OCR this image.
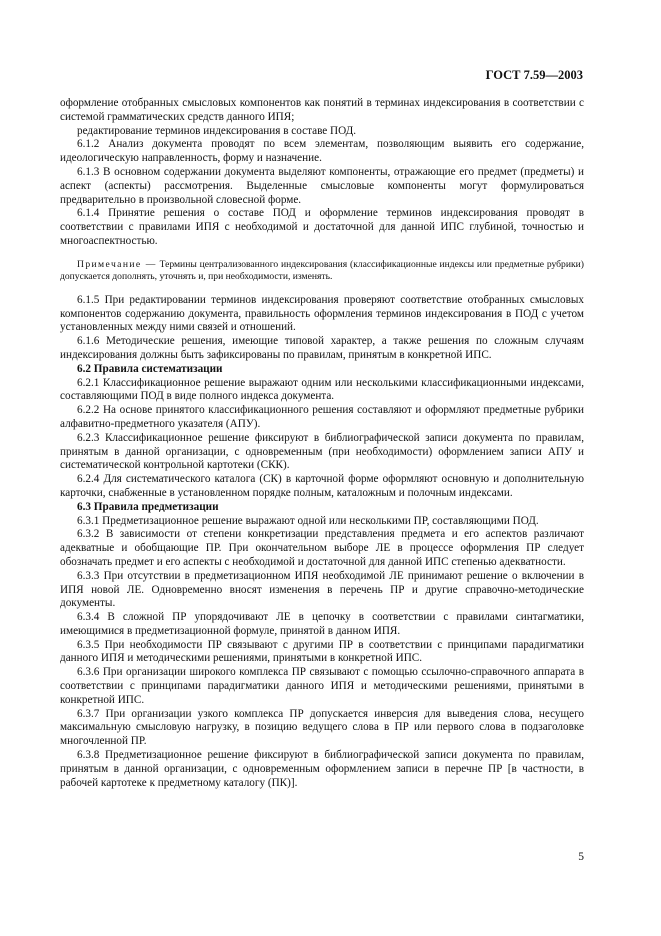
ГОСТ 7.59—2003

оформление отобранных смысловых компонентов как понятий в терминах индексирования в соответствии с системой грамматических средств данного ИПЯ;

редактирование терминов индексирования в составе ПОД.

6.1.2 Анализ документа проводят по всем элементам, позволяющим выявить его содержание, идеологическую направленность, форму и назначение.

6.1.3 В основном содержании документа выделяют компоненты, отражающие его предмет (предметы) и аспект (аспекты) рассмотрения. Выделенные смысловые компоненты могут формулироваться предварительно в произвольной словесной форме.

6.1.4 Принятие решения о составе ПОД и оформление терминов индексирования проводят в соответствии с правилами ИПЯ с необходимой и достаточной для данной ИПС глубиной, точностью и многоаспектностью.

Примечание — Термины централизованного индексирования (классификационные индексы или предметные рубрики) допускается дополнять, уточнять и, при необходимости, изменять.

6.1.5 При редактировании терминов индексирования проверяют соответствие отобранных смысловых компонентов содержанию документа, правильность оформления терминов индексирования в ПОД с учетом установленных между ними связей и отношений.

6.1.6 Методические решения, имеющие типовой характер, а также решения по сложным случаям индексирования должны быть зафиксированы по правилам, принятым в конкретной ИПС.

6.2 Правила систематизации

6.2.1 Классификационное решение выражают одним или несколькими классификационными индексами, составляющими ПОД в виде полного индекса документа.

6.2.2 На основе принятого классификационного решения составляют и оформляют предметные рубрики алфавитно-предметного указателя (АПУ).

6.2.3 Классификационное решение фиксируют в библиографической записи документа по правилам, принятым в данной организации, с одновременным (при необходимости) оформлением записи АПУ и систематической контрольной картотеки (СКК).

6.2.4 Для систематического каталога (СК) в карточной форме оформляют основную и дополнительную карточки, снабженные в установленном порядке полным, каталожным и полочным индексами.

6.3 Правила предметизации

6.3.1 Предметизационное решение выражают одной или несколькими ПР, составляющими ПОД.

6.3.2 В зависимости от степени конкретизации представления предмета и его аспектов различают адекватные и обобщающие ПР. При окончательном выборе ЛЕ в процессе оформления ПР следует обозначать предмет и его аспекты с необходимой и достаточной для данной ИПС степенью адекватности.

6.3.3 При отсутствии в предметизационном ИПЯ необходимой ЛЕ принимают решение о включении в ИПЯ новой ЛЕ. Одновременно вносят изменения в перечень ПР и другие справочно-методические документы.

6.3.4 В сложной ПР упорядочивают ЛЕ в цепочку в соответствии с правилами синтагматики, имеющимися в предметизационной формуле, принятой в данном ИПЯ.

6.3.5 При необходимости ПР связывают с другими ПР в соответствии с принципами парадигматики данного ИПЯ и методическими решениями, принятыми в конкретной ИПС.

6.3.6 При организации широкого комплекса ПР связывают с помощью ссылочно-справочного аппарата в соответствии с принципами парадигматики данного ИПЯ и методическими решениями, принятыми в конкретной ИПС.

6.3.7 При организации узкого комплекса ПР допускается инверсия для выведения слова, несущего максимальную смысловую нагрузку, в позицию ведущего слова в ПР или первого слова в подзаголовке многочленной ПР.

6.3.8 Предметизационное решение фиксируют в библиографической записи документа по правилам, принятым в данной организации, с одновременным оформлением записи в перечне ПР [в частности, в рабочей картотеке к предметному каталогу (ПК)].

5
